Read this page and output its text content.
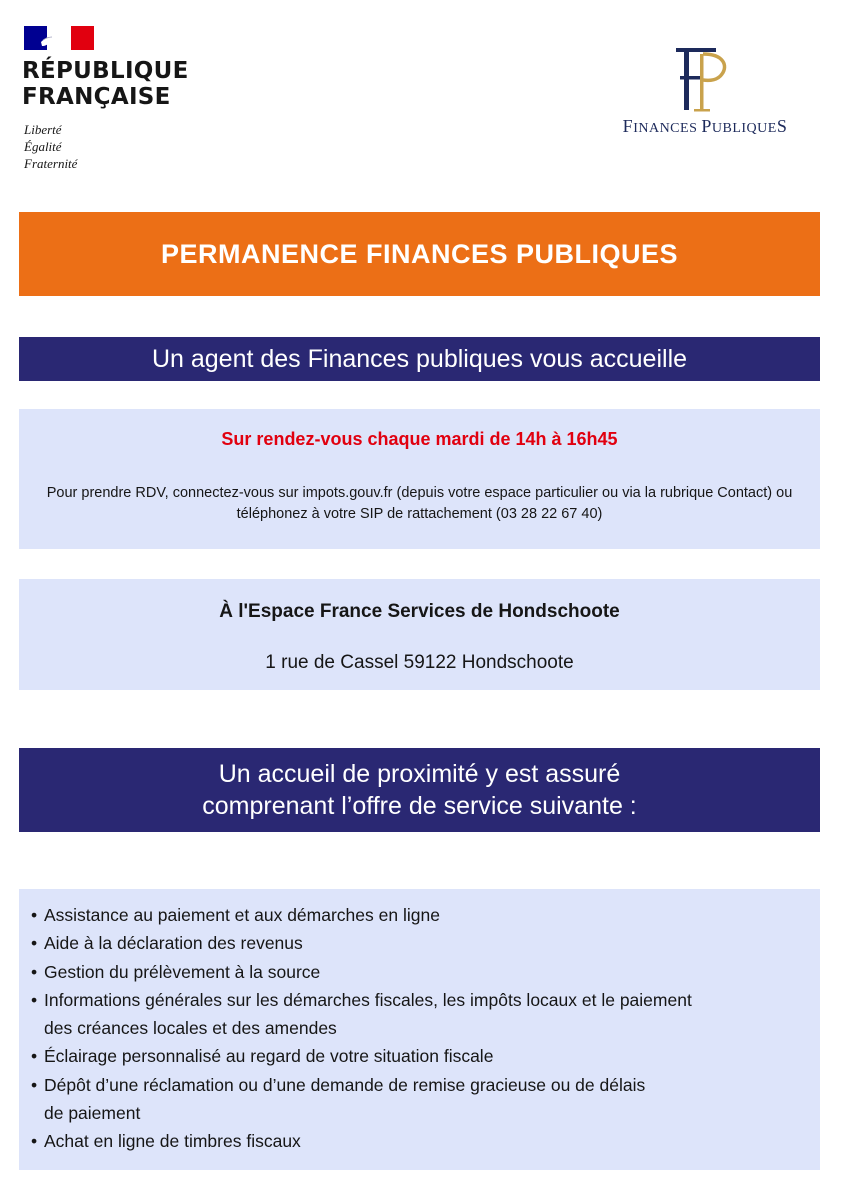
RÉPUBLIQUE
FRANÇAISE
Liberté
Égalité
Fraternité
FINANCES PUBLIQUES
PERMANENCE FINANCES PUBLIQUES
Un agent des Finances publiques vous accueille
Sur rendez-vous chaque mardi de 14h à 16h45
Pour prendre RDV, connectez-vous sur impots.gouv.fr (depuis votre espace particulier ou via la rubrique Contact) ou téléphonez à votre SIP de rattachement (03 28 22 67 40)
À l'Espace France Services de Hondschoote
1 rue de Cassel 59122 Hondschoote
Un accueil de proximité y est assuré
comprenant l’offre de service suivante :
• Assistance au paiement et aux démarches en ligne
• Aide à la déclaration des revenus
• Gestion du prélèvement à la source
• Informations générales sur les démarches fiscales, les impôts locaux et le paiement des créances locales et des amendes
• Éclairage personnalisé au regard de votre situation fiscale
• Dépôt d’une réclamation ou d’une demande de remise gracieuse ou de délais de paiement
• Achat en ligne de timbres fiscaux
